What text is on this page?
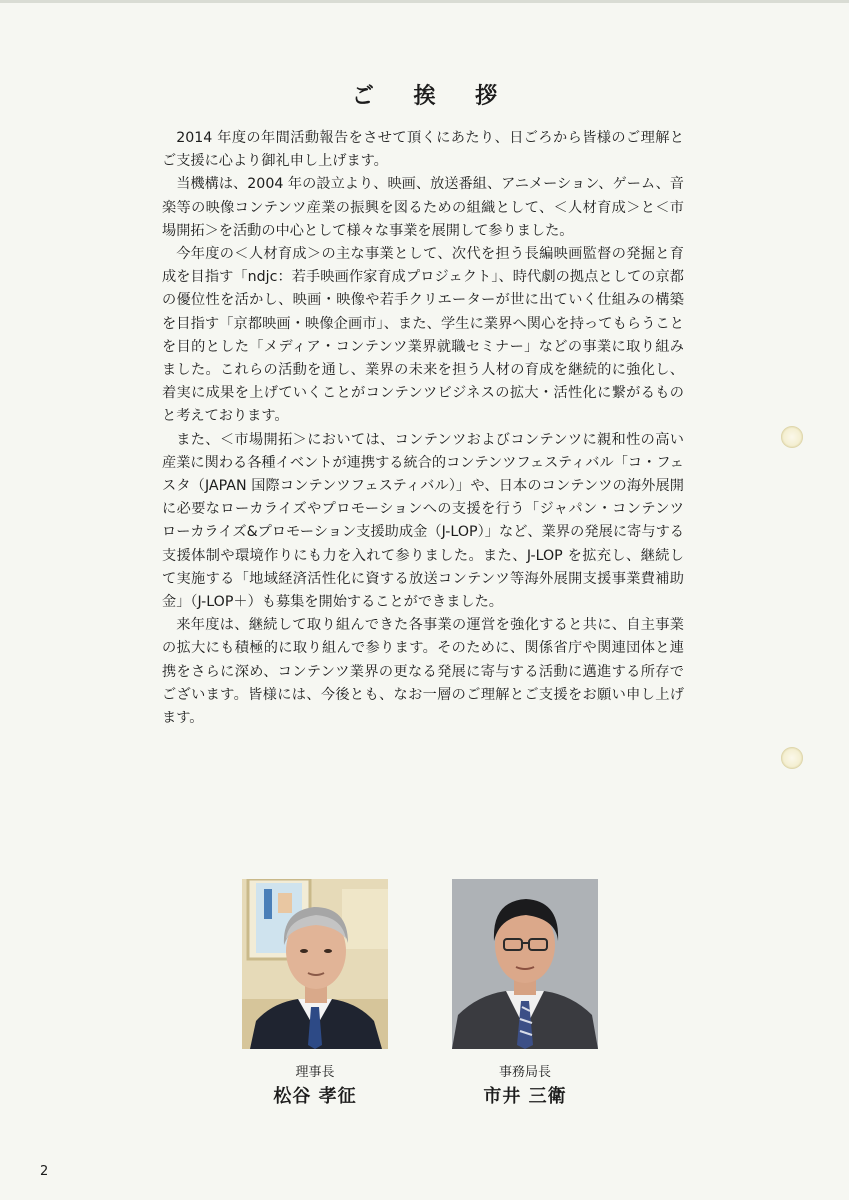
ご 挨 拶

2014 年度の年間活動報告をさせて頂くにあたり、日ごろから皆様のご理解とご支援に心より御礼申し上げます。

当機構は、2004 年の設立より、映画、放送番組、アニメーション、ゲーム、音楽等の映像コンテンツ産業の振興を図るための組織として、＜人材育成＞と＜市場開拓＞を活動の中心として様々な事業を展開して参りました。

今年度の＜人材育成＞の主な事業として、次代を担う長編映画監督の発掘と育成を目指す「ndjc：若手映画作家育成プロジェクト」、時代劇の拠点としての京都の優位性を活かし、映画・映像や若手クリエーターが世に出ていく仕組みの構築を目指す「京都映画・映像企画市」、また、学生に業界へ関心を持ってもらうことを目的とした「メディア・コンテンツ業界就職セミナー」などの事業に取り組みました。これらの活動を通し、業界の未来を担う人材の育成を継続的に強化し、着実に成果を上げていくことがコンテンツビジネスの拡大・活性化に繋がるものと考えております。

また、＜市場開拓＞においては、コンテンツおよびコンテンツに親和性の高い産業に関わる各種イベントが連携する統合的コンテンツフェスティバル「コ・フェスタ（JAPAN 国際コンテンツフェスティバル）」や、日本のコンテンツの海外展開に必要なローカライズやプロモーションへの支援を行う「ジャパン・コンテンツ　ローカライズ&プロモーション支援助成金（J-LOP）」など、業界の発展に寄与する支援体制や環境作りにも力を入れて参りました。また、J-LOP を拡充し、継続して実施する「地域経済活性化に資する放送コンテンツ等海外展開支援事業費補助金」（J-LOP＋）も募集を開始することができました。

来年度は、継続して取り組んできた各事業の運営を強化すると共に、自主事業の拡大にも積極的に取り組んで参ります。そのために、関係省庁や関連団体と連携をさらに深め、コンテンツ業界の更なる発展に寄与する活動に邁進する所存でございます。皆様には、今後とも、なお一層のご理解とご支援をお願い申し上げます。

理事長
松谷 孝征
事務局長
市井 三衛
2
